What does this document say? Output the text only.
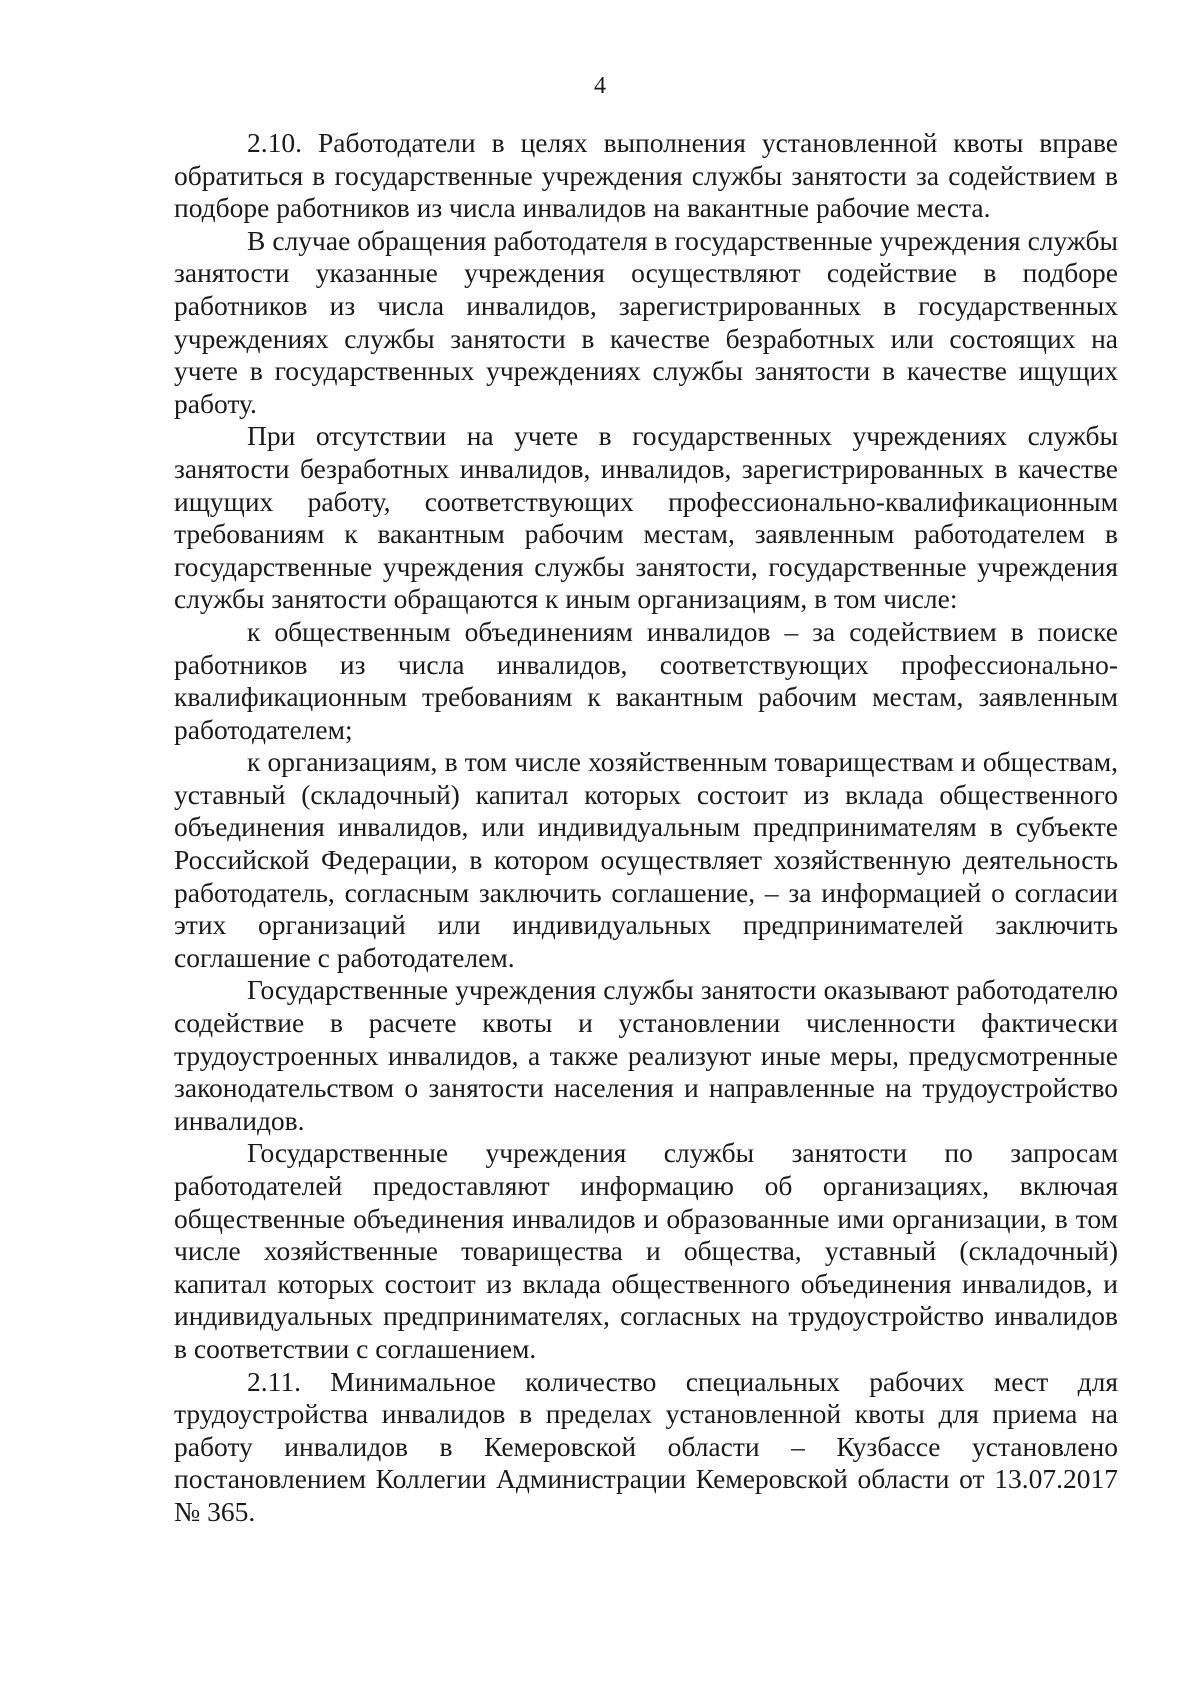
4

2.10. Работодатели в целях выполнения установленной квоты вправе обратиться в государственные учреждения службы занятости за содействием в подборе работников из числа инвалидов на вакантные рабочие места.

В случае обращения работодателя в государственные учреждения службы занятости указанные учреждения осуществляют содействие в подборе работников из числа инвалидов, зарегистрированных в государственных учреждениях службы занятости в качестве безработных или состоящих на учете в государственных учреждениях службы занятости в качестве ищущих работу.

При отсутствии на учете в государственных учреждениях службы занятости безработных инвалидов, инвалидов, зарегистрированных в качестве ищущих работу, соответствующих профессионально-квалификационным требованиям к вакантным рабочим местам, заявленным работодателем в государственные учреждения службы занятости, государственные учреждения службы занятости обращаются к иным организациям, в том числе:

к общественным объединениям инвалидов – за содействием в поиске работников из числа инвалидов, соответствующих профессионально-квалификационным требованиям к вакантным рабочим местам, заявленным работодателем;

к организациям, в том числе хозяйственным товариществам и обществам, уставный (складочный) капитал которых состоит из вклада общественного объединения инвалидов, или индивидуальным предпринимателям в субъекте Российской Федерации, в котором осуществляет хозяйственную деятельность работодатель, согласным заключить соглашение, – за информацией о согласии этих организаций или индивидуальных предпринимателей заключить соглашение с работодателем.

Государственные учреждения службы занятости оказывают работодателю содействие в расчете квоты и установлении численности фактически трудоустроенных инвалидов, а также реализуют иные меры, предусмотренные законодательством о занятости населения и направленные на трудоустройство инвалидов.

Государственные учреждения службы занятости по запросам работодателей предоставляют информацию об организациях, включая общественные объединения инвалидов и образованные ими организации, в том числе хозяйственные товарищества и общества, уставный (складочный) капитал которых состоит из вклада общественного объединения инвалидов, и индивидуальных предпринимателях, согласных на трудоустройство инвалидов в соответствии с соглашением.

2.11. Минимальное количество специальных рабочих мест для трудоустройства инвалидов в пределах установленной квоты для приема на работу инвалидов в Кемеровской области – Кузбассе установлено постановлением Коллегии Администрации Кемеровской области от 13.07.2017 № 365.
